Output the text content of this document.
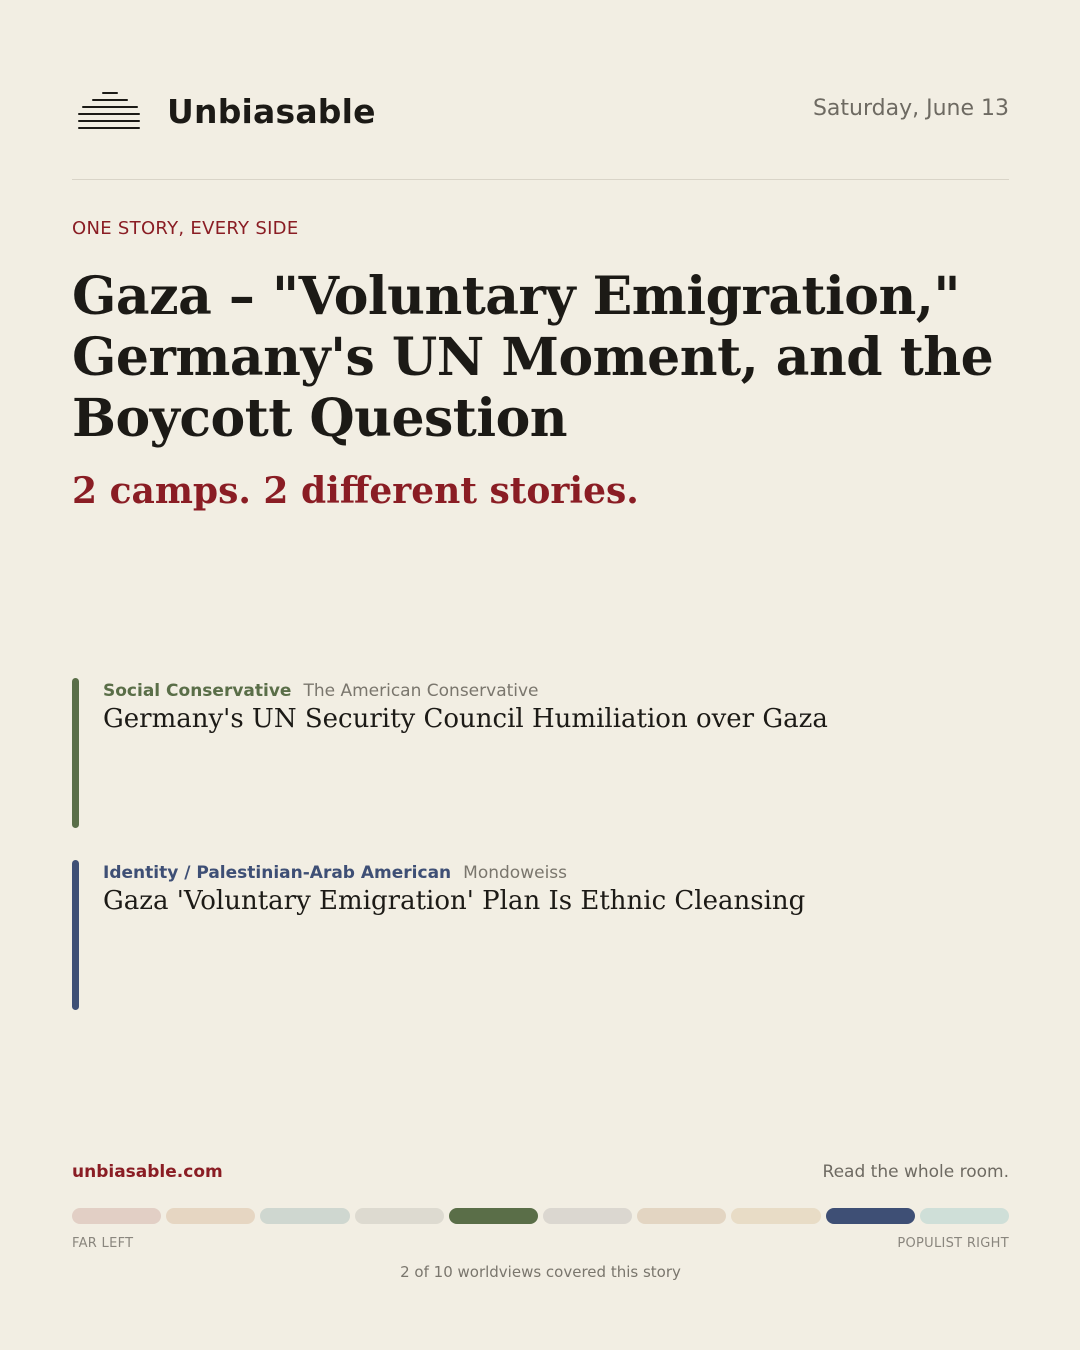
Unbiasable	Saturday, June 13
ONE STORY, EVERY SIDE
Gaza – "Voluntary Emigration," Germany's UN Moment, and the Boycott Question
2 camps. 2 different stories.
Social Conservative The American Conservative
Germany's UN Security Council Humiliation over Gaza
Identity / Palestinian-Arab American Mondoweiss
Gaza 'Voluntary Emigration' Plan Is Ethnic Cleansing
unbiasable.com	Read the whole room.
FAR LEFT	POPULIST RIGHT
2 of 10 worldviews covered this story
